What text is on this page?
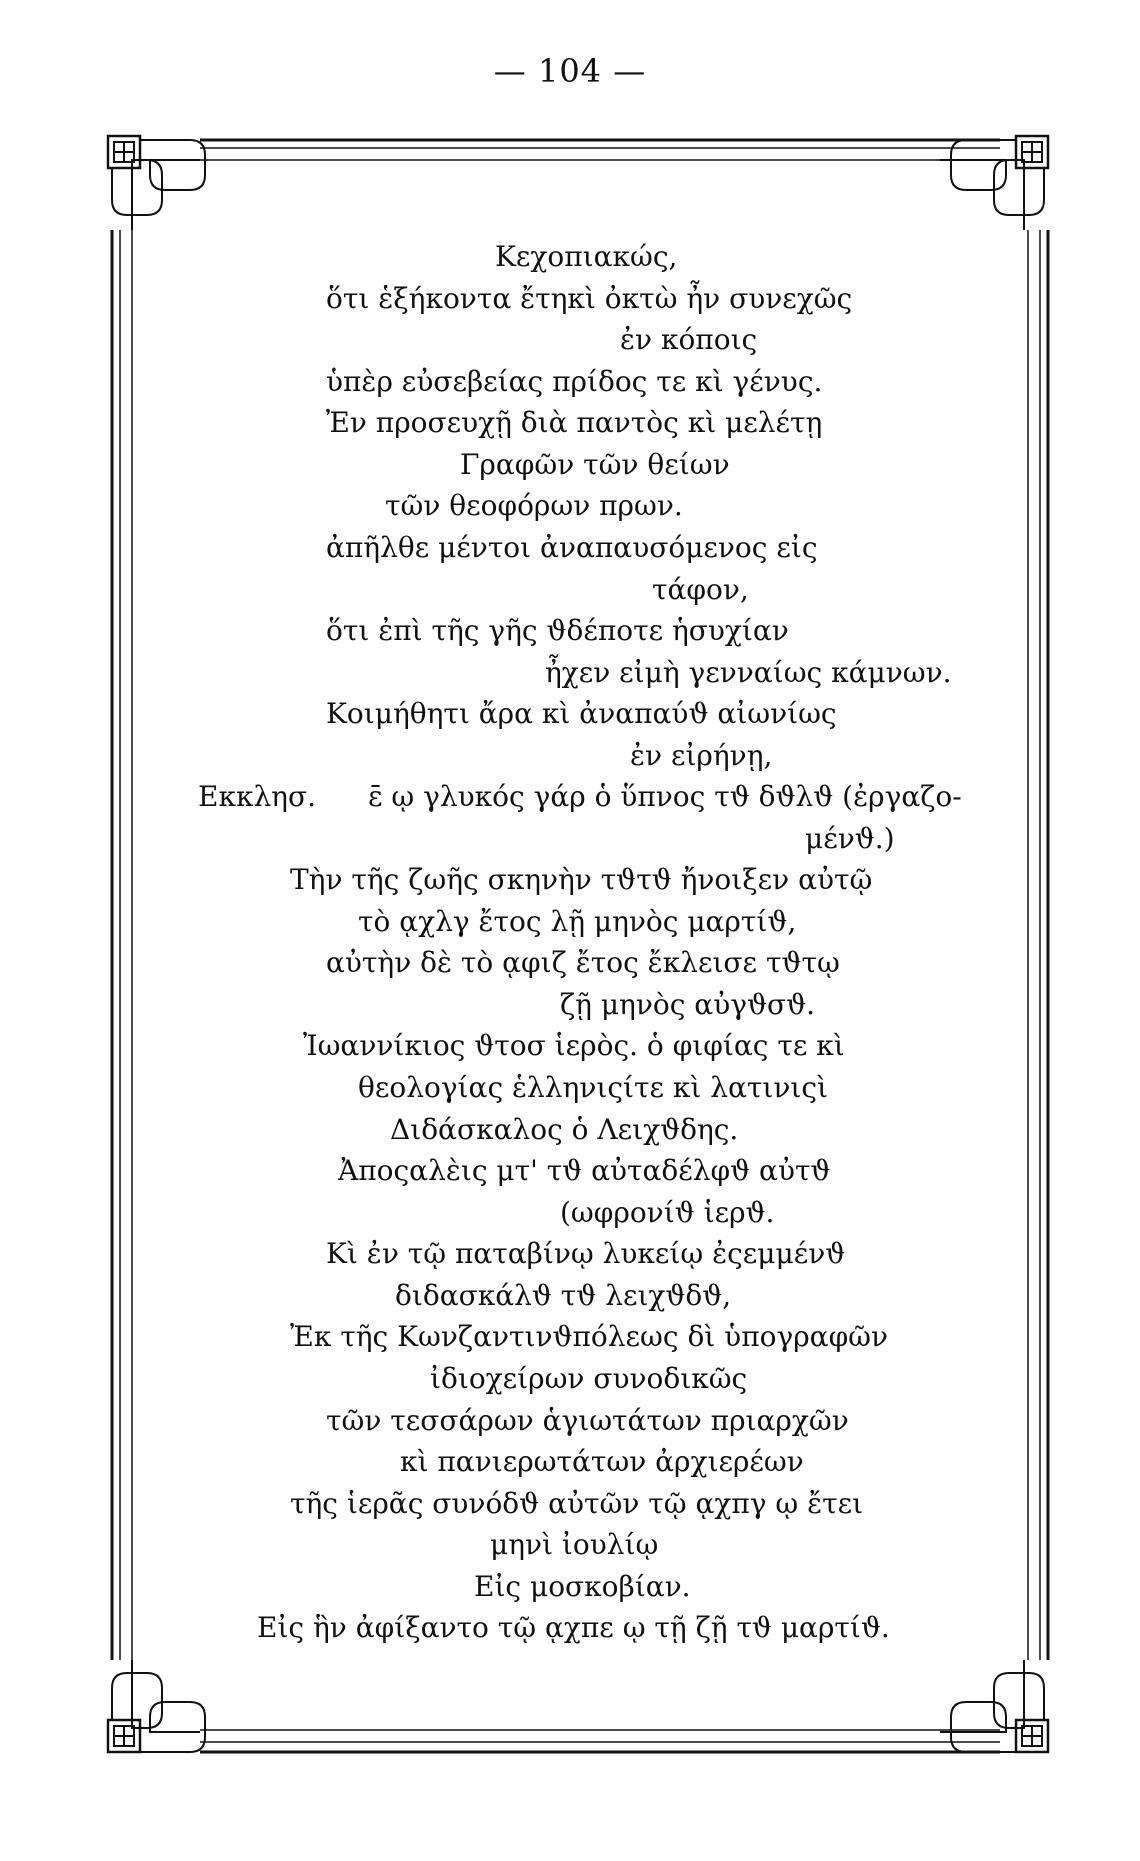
— 104 —
Κεχοπιακώς,
ὅτι ἑξήκοντα ἔτηκὶ ὀκτὼ ἦν συνεχῶς
ἐν κόποις
ὑπὲρ εὐσεβείας πρίδος τε κὶ γένυς.
Ἐν προσευχῇ διὰ παντὸς κὶ μελέτῃ
Γραφῶν τῶν θείων
τῶν θεοφόρων πρων.
ἀπῆλθε μέντοι ἀναπαυσόμενος εἰς
τάφον,
ὅτι ἐπὶ τῆς γῆς ϑδέποτε ἡσυχίαν
ἦχεν εἰμὴ γενναίως κάμνων.
Κοιμήθητι ἄρα κὶ ἀναπαύϑ αἰωνίως
ἐν εἰρήνῃ,
Εκκλησ. ε̄ ῳ γλυκός γάρ ὁ ὕπνος τϑ δϑλϑ (ἐργαζο-
μένϑ.)
Τὴν τῆς ζωῆς σκηνὴν τϑτϑ ἤνοιξεν αὐτῷ
τὸ ᾳχλγ ἔτος λῇ μηνὸς μαρτίϑ,
αὐτὴν δὲ τὸ ᾳφιζ ἔτος ἔκλεισε τϑτῳ
ζῇ μηνὸς αὐγϑσϑ.
Ἰωαννίκιος ϑτοσ ἱερὸς. ὁ φιφίας τε κὶ
θεολογίας ἑλληνιςίτε κὶ λατινιςὶ
Διδάσκαλος ὁ Λειχϑδης.
Ἀποςαλὲις μτ' τϑ αὐταδέλφϑ αὐτϑ
(ωφρονίϑ ἱερϑ.
Κὶ ἐν τῷ παταβίνῳ λυκείῳ ἐςεμμένϑ
διδασκάλϑ τϑ λειχϑδϑ,
Ἐκ τῆς Κωνζαντινϑπόλεως δὶ ὑπογραφῶν
ἰδιοχείρων συνοδικῶς
τῶν τεσσάρων ἁγιωτάτων πριαρχῶν
κὶ πανιερωτάτων ἀρχιερέων
τῆς ἱερᾶς συνόδϑ αὐτῶν τῷ ᾳχπγ ῳ ἔτει
μηνὶ ἰουλίῳ
Εἰς μοσκοβίαν.
Εἰς ἣν ἀφίξαντο τῷ ᾳχπε ῳ τῇ ζῇ τϑ μαρτίϑ.
